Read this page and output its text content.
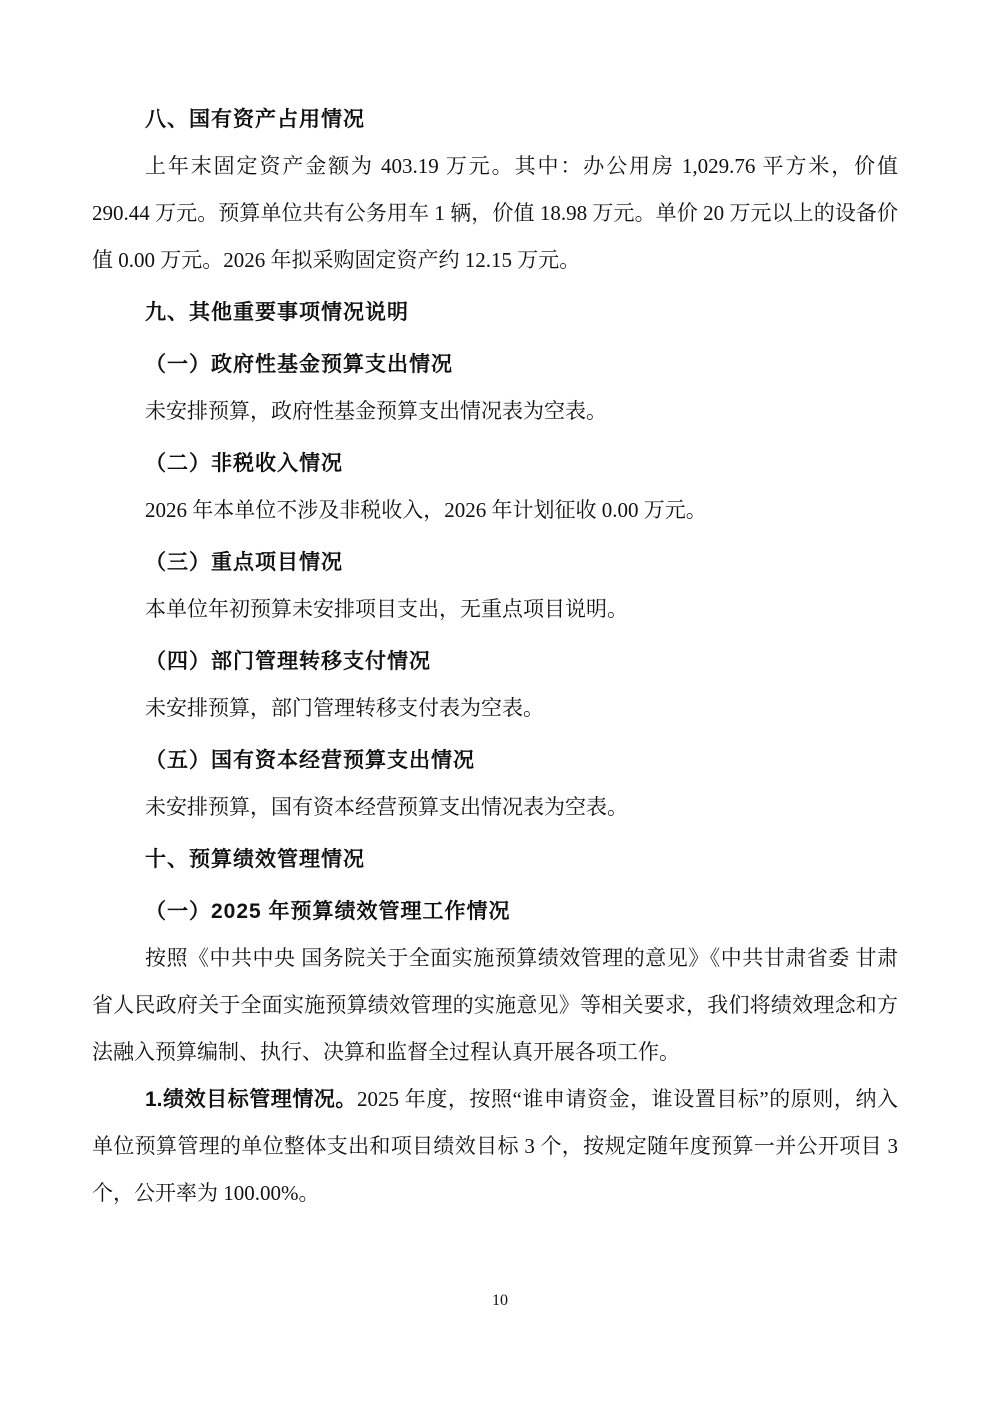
八、国有资产占用情况

上年末固定资产金额为 403.19 万元。其中：办公用房 1,029.76 平方米，价值 290.44 万元。预算单位共有公务用车 1 辆，价值 18.98 万元。单价 20 万元以上的设备价值 0.00 万元。2026 年拟采购固定资产约 12.15 万元。

九、其他重要事项情况说明
（一）政府性基金预算支出情况

未安排预算，政府性基金预算支出情况表为空表。

（二）非税收入情况

2026 年本单位不涉及非税收入，2026 年计划征收 0.00 万元。

（三）重点项目情况

本单位年初预算未安排项目支出，无重点项目说明。

（四）部门管理转移支付情况

未安排预算，部门管理转移支付表为空表。

（五）国有资本经营预算支出情况

未安排预算，国有资本经营预算支出情况表为空表。

十、预算绩效管理情况
（一）2025 年预算绩效管理工作情况

按照《中共中央 国务院关于全面实施预算绩效管理的意见》《中共甘肃省委 甘肃省人民政府关于全面实施预算绩效管理的实施意见》等相关要求，我们将绩效理念和方法融入预算编制、执行、决算和监督全过程认真开展各项工作。

1.绩效目标管理情况。2025 年度，按照“谁申请资金，谁设置目标”的原则，纳入单位预算管理的单位整体支出和项目绩效目标 3 个，按规定随年度预算一并公开项目 3 个，公开率为 100.00%。

10
